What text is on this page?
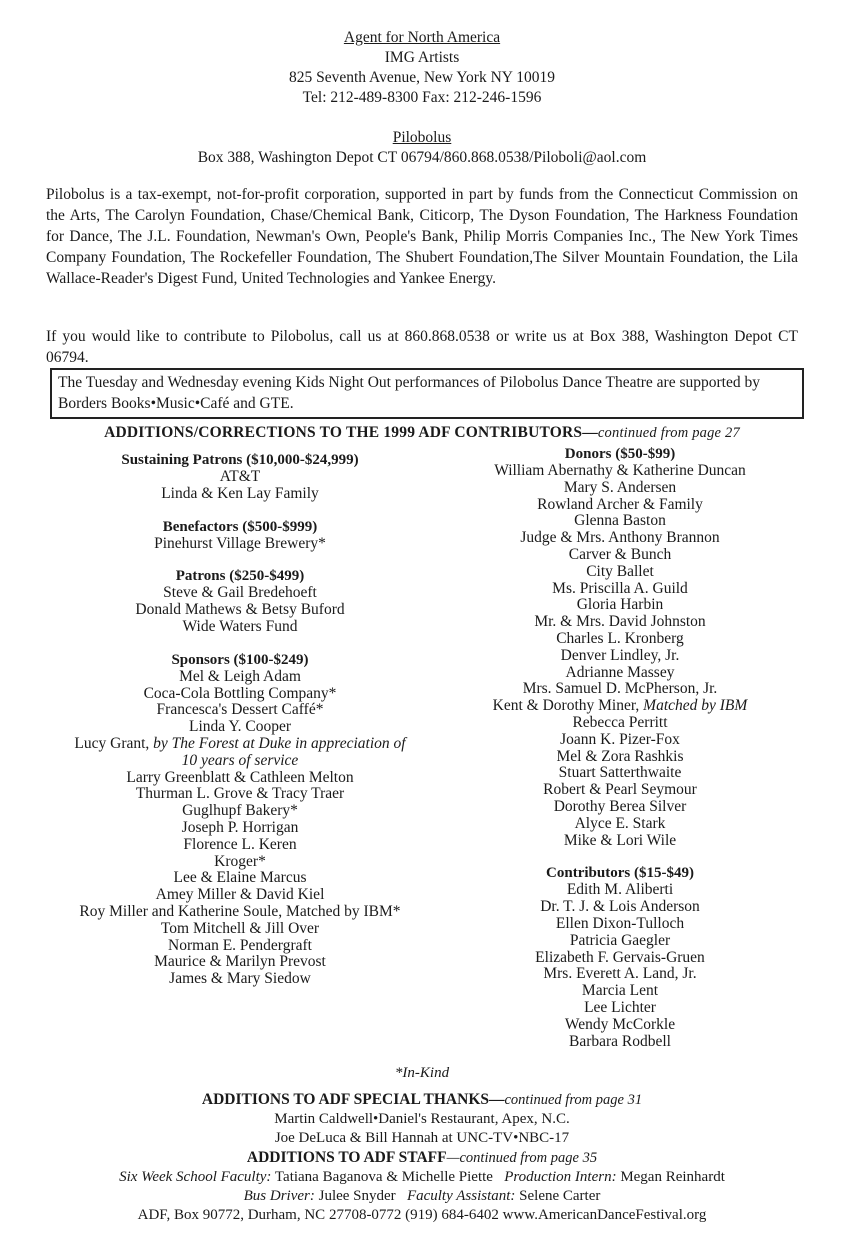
Agent for North America
IMG Artists
825 Seventh Avenue, New York NY 10019
Tel: 212-489-8300 Fax: 212-246-1596
Pilobolus
Box 388, Washington Depot CT 06794/860.868.0538/Piloboli@aol.com
Pilobolus is a tax-exempt, not-for-profit corporation, supported in part by funds from the Connecticut Commission on the Arts, The Carolyn Foundation, Chase/Chemical Bank, Citicorp, The Dyson Foundation, The Harkness Foundation for Dance, The J.L. Foundation, Newman's Own, People's Bank, Philip Morris Companies Inc., The New York Times Company Foundation, The Rockefeller Foundation, The Shubert Foundation,The Silver Mountain Foundation, the Lila Wallace-Reader's Digest Fund, United Technologies and Yankee Energy.
If you would like to contribute to Pilobolus, call us at 860.868.0538 or write us at Box 388, Washington Depot CT 06794.
The Tuesday and Wednesday evening Kids Night Out performances of Pilobolus Dance Theatre are supported by Borders Books•Music•Café and GTE.
ADDITIONS/CORRECTIONS TO THE 1999 ADF CONTRIBUTORS—continued from page 27
Sustaining Patrons ($10,000-$24,999)
AT&T
Linda & Ken Lay Family
Benefactors ($500-$999)
Pinehurst Village Brewery*
Patrons ($250-$499)
Steve & Gail Bredehoeft
Donald Mathews & Betsy Buford
Wide Waters Fund
Sponsors ($100-$249)
Mel & Leigh Adam
Coca-Cola Bottling Company*
Francesca's Dessert Caffé*
Linda Y. Cooper
Lucy Grant, by The Forest at Duke in appreciation of
10 years of service
Larry Greenblatt & Cathleen Melton
Thurman L. Grove & Tracy Traer
Guglhupf Bakery*
Joseph P. Horrigan
Florence L. Keren
Kroger*
Lee & Elaine Marcus
Amey Miller & David Kiel
Roy Miller and Katherine Soule, Matched by IBM*
Tom Mitchell & Jill Over
Norman E. Pendergraft
Maurice & Marilyn Prevost
James & Mary Siedow
Donors ($50-$99)
William Abernathy & Katherine Duncan
Mary S. Andersen
Rowland Archer & Family
Glenna Baston
Judge & Mrs. Anthony Brannon
Carver & Bunch
City Ballet
Ms. Priscilla A. Guild
Gloria Harbin
Mr. & Mrs. David Johnston
Charles L. Kronberg
Denver Lindley, Jr.
Adrianne Massey
Mrs. Samuel D. McPherson, Jr.
Kent & Dorothy Miner, Matched by IBM
Rebecca Perritt
Joann K. Pizer-Fox
Mel & Zora Rashkis
Stuart Satterthwaite
Robert & Pearl Seymour
Dorothy Berea Silver
Alyce E. Stark
Mike & Lori Wile
Contributors ($15-$49)
Edith M. Aliberti
Dr. T. J. & Lois Anderson
Ellen Dixon-Tulloch
Patricia Gaegler
Elizabeth F. Gervais-Gruen
Mrs. Everett A. Land, Jr.
Marcia Lent
Lee Lichter
Wendy McCorkle
Barbara Rodbell
*In-Kind
ADDITIONS TO ADF SPECIAL THANKS—continued from page 31
Martin Caldwell•Daniel's Restaurant, Apex, N.C.
Joe DeLuca & Bill Hannah at UNC-TV•NBC-17
ADDITIONS TO ADF STAFF—continued from page 35
Six Week School Faculty: Tatiana Baganova & Michelle Piette Production Intern: Megan Reinhardt
Bus Driver: Julee Snyder Faculty Assistant: Selene Carter
ADF, Box 90772, Durham, NC 27708-0772 (919) 684-6402 www.AmericanDanceFestival.org
